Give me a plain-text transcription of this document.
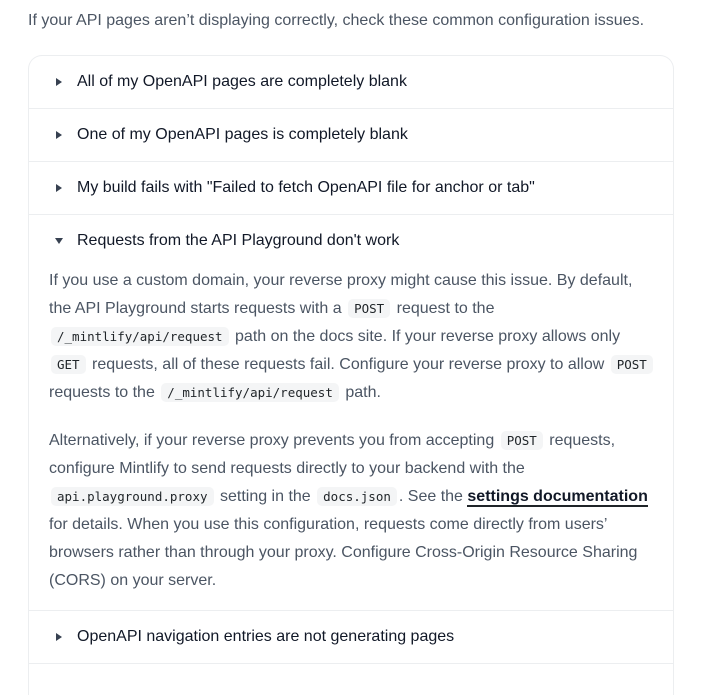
If your API pages aren’t displaying correctly, check these common configuration issues.

All of my OpenAPI pages are completely blank
One of my OpenAPI pages is completely blank
My build fails with "Failed to fetch OpenAPI file for anchor or tab"
Requests from the API Playground don't work

If you use a custom domain, your reverse proxy might cause this issue. By default, the API Playground starts requests with a POST request to the /_mintlify/api/request path on the docs site. If your reverse proxy allows only GET requests, all of these requests fail. Configure your reverse proxy to allow POST requests to the /_mintlify/api/request path.

Alternatively, if your reverse proxy prevents you from accepting POST requests, configure Mintlify to send requests directly to your backend with the api.playground.proxy setting in the docs.json . See the settings documentation for details. When you use this configuration, requests come directly from users’ browsers rather than through your proxy. Configure Cross-Origin Resource Sharing (CORS) on your server.

OpenAPI navigation entries are not generating pages
